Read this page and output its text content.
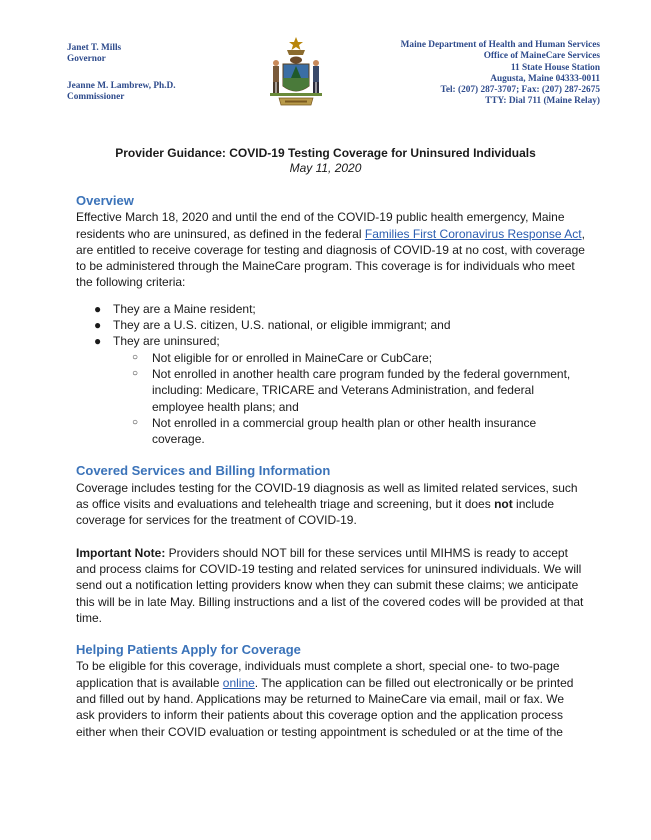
Janet T. Mills
Governor
Jeanne M. Lambrew, Ph.D.
Commissioner
Maine Department of Health and Human Services
Office of MaineCare Services
11 State House Station
Augusta, Maine 04333-0011
Tel: (207) 287-3707; Fax: (207) 287-2675
TTY: Dial 711 (Maine Relay)
Provider Guidance: COVID-19 Testing Coverage for Uninsured Individuals
May 11, 2020
Overview

Effective March 18, 2020 and until the end of the COVID-19 public health emergency, Maine residents who are uninsured, as defined in the federal Families First Coronavirus Response Act, are entitled to receive coverage for testing and diagnosis of COVID-19 at no cost, with coverage to be administered through the MaineCare program. This coverage is for individuals who meet the following criteria:

● They are a Maine resident;
● They are a U.S. citizen, U.S. national, or eligible immigrant; and
● They are uninsured;
○ Not eligible for or enrolled in MaineCare or CubCare;
○ Not enrolled in another health care program funded by the federal government, including: Medicare, TRICARE and Veterans Administration, and federal employee health plans; and
○ Not enrolled in a commercial group health plan or other health insurance coverage.
Covered Services and Billing Information

Coverage includes testing for the COVID-19 diagnosis as well as limited related services, such as office visits and evaluations and telehealth triage and screening, but it does not include coverage for services for the treatment of COVID-19.

Important Note: Providers should NOT bill for these services until MIHMS is ready to accept and process claims for COVID-19 testing and related services for uninsured individuals. We will send out a notification letting providers know when they can submit these claims; we anticipate this will be in late May. Billing instructions and a list of the covered codes will be provided at that time.

Helping Patients Apply for Coverage

To be eligible for this coverage, individuals must complete a short, special one- to two-page application that is available online. The application can be filled out electronically or be printed and filled out by hand. Applications may be returned to MaineCare via email, mail or fax. We ask providers to inform their patients about this coverage option and the application process either when their COVID evaluation or testing appointment is scheduled or at the time of the
